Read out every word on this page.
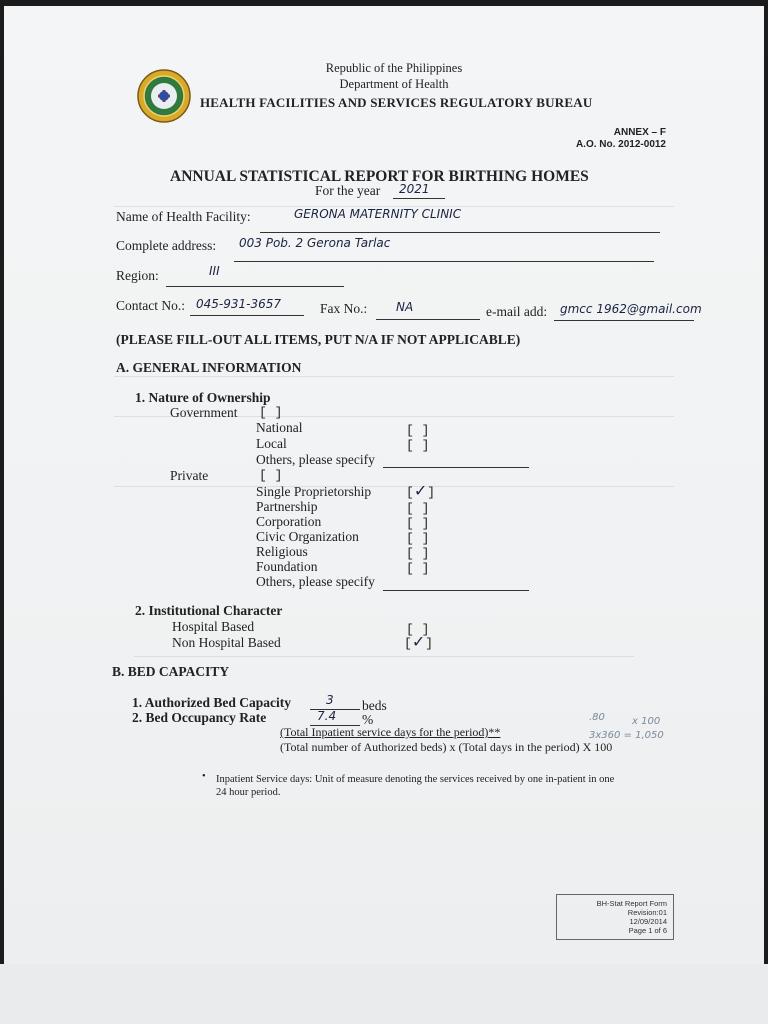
Republic of the Philippines
Department of Health
HEALTH FACILITIES AND SERVICES REGULATORY BUREAU
ANNEX – F
A.O. No. 2012-0012
ANNUAL STATISTICAL REPORT FOR BIRTHING HOMES
For the year 2021
Name of Health Facility:	GERONA MATERNITY CLINIC
Complete address: 003 Pob. 2 Gerona Tarlac
Region:	III
Contact No.: 045-931-3657	Fax No.: NA	e-mail add: gmcc 1962@gmail.com
(PLEASE FILL-OUT ALL ITEMS, PUT N/A IF NOT APPLICABLE)
A. GENERAL INFORMATION
1. Nature of Ownership
Government [ ]
National	[ ]
Local	[ ]
Others, please specify
Private	[ ]
Single Proprietorship	[✓]
Partnership	[ ]
Corporation	[ ]
Civic Organization	[ ]
Religious	[ ]
Foundation	[ ]
Others, please specify
2. Institutional Character
Hospital Based	[ ]
Non Hospital Based	[✓]
B. BED CAPACITY
1. Authorized Bed Capacity	3 beds
2. Bed Occupancy Rate	7.4 %
(Total Inpatient service days for the period)**
(Total number of Authorized beds) x (Total days in the period) X 100
.80	x 100
3x360 = 1,050
• Inpatient Service days: Unit of measure denoting the services received by one in-patient in one
24 hour period.
BH-Stat Report Form
Revision:01
12/09/2014
Page 1 of 6
